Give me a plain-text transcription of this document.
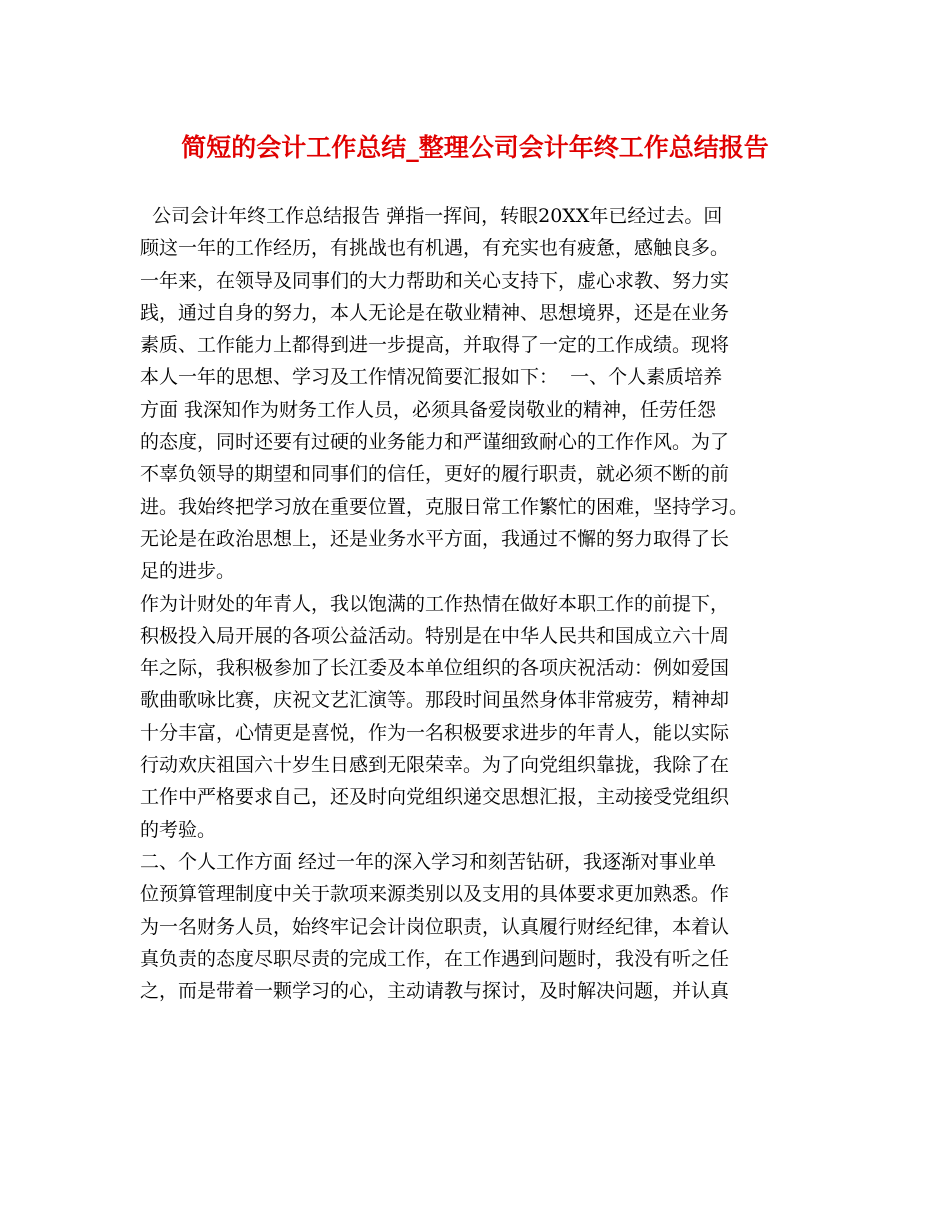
简短的会计工作总结_整理公司会计年终工作总结报告
公司会计年终工作总结报告 弹指一挥间，转眼20XX年已经过去。回
顾这一年的工作经历，有挑战也有机遇，有充实也有疲惫，感触良多。
一年来，在领导及同事们的大力帮助和关心支持下，虚心求教、努力实
践，通过自身的努力，本人无论是在敬业精神、思想境界，还是在业务
素质、工作能力上都得到进一步提高，并取得了一定的工作成绩。现将
本人一年的思想、学习及工作情况简要汇报如下：  一、个人素质培养
方面 我深知作为财务工作人员，必须具备爱岗敬业的精神，任劳任怨
的态度，同时还要有过硬的业务能力和严谨细致耐心的工作作风。为了
不辜负领导的期望和同事们的信任，更好的履行职责，就必须不断的前
进。我始终把学习放在重要位置，克服日常工作繁忙的困难，坚持学习。
无论是在政治思想上，还是业务水平方面，我通过不懈的努力取得了长
足的进步。
作为计财处的年青人，我以饱满的工作热情在做好本职工作的前提下，
积极投入局开展的各项公益活动。特别是在中华人民共和国成立六十周
年之际，我积极参加了长江委及本单位组织的各项庆祝活动：例如爱国
歌曲歌咏比赛，庆祝文艺汇演等。那段时间虽然身体非常疲劳，精神却
十分丰富，心情更是喜悦，作为一名积极要求进步的年青人，能以实际
行动欢庆祖国六十岁生日感到无限荣幸。为了向党组织靠拢，我除了在
工作中严格要求自己，还及时向党组织递交思想汇报，主动接受党组织
的考验。
二、个人工作方面 经过一年的深入学习和刻苦钻研，我逐渐对事业单
位预算管理制度中关于款项来源类别以及支用的具体要求更加熟悉。作
为一名财务人员，始终牢记会计岗位职责，认真履行财经纪律，本着认
真负责的态度尽职尽责的完成工作，在工作遇到问题时，我没有听之任
之，而是带着一颗学习的心，主动请教与探讨，及时解决问题，并认真
